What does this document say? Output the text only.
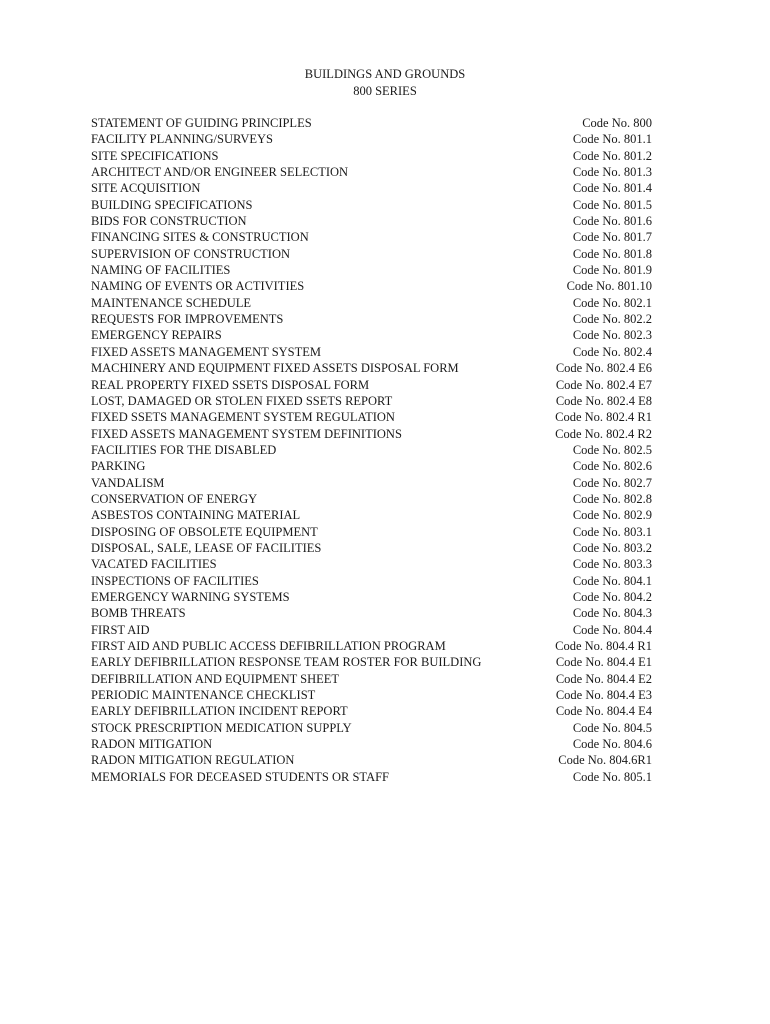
BUILDINGS AND GROUNDS
800 SERIES
STATEMENT OF GUIDING PRINCIPLES	Code No. 800
FACILITY PLANNING/SURVEYS	Code No. 801.1
SITE SPECIFICATIONS	Code No. 801.2
ARCHITECT AND/OR ENGINEER SELECTION	Code No. 801.3
SITE ACQUISITION	Code No. 801.4
BUILDING SPECIFICATIONS	Code No. 801.5
BIDS FOR CONSTRUCTION	Code No. 801.6
FINANCING SITES & CONSTRUCTION	Code No. 801.7
SUPERVISION OF CONSTRUCTION	Code No. 801.8
NAMING OF FACILITIES	Code No. 801.9
NAMING OF EVENTS OR ACTIVITIES	Code No. 801.10
MAINTENANCE SCHEDULE	Code No. 802.1
REQUESTS FOR IMPROVEMENTS	Code No. 802.2
EMERGENCY REPAIRS	Code No. 802.3
FIXED ASSETS MANAGEMENT SYSTEM	Code No. 802.4
MACHINERY AND EQUIPMENT FIXED ASSETS DISPOSAL FORM	Code No. 802.4 E6
REAL PROPERTY FIXED SSETS DISPOSAL FORM	Code No. 802.4 E7
LOST, DAMAGED OR STOLEN FIXED SSETS REPORT	Code No. 802.4 E8
FIXED SSETS MANAGEMENT SYSTEM REGULATION	Code No. 802.4 R1
FIXED ASSETS MANAGEMENT SYSTEM DEFINITIONS	Code No. 802.4 R2
FACILITIES FOR THE DISABLED	Code No. 802.5
PARKING	Code No. 802.6
VANDALISM	Code No. 802.7
CONSERVATION OF ENERGY	Code No. 802.8
ASBESTOS CONTAINING MATERIAL	Code No. 802.9
DISPOSING OF OBSOLETE EQUIPMENT	Code No. 803.1
DISPOSAL, SALE, LEASE OF FACILITIES	Code No. 803.2
VACATED FACILITIES	Code No. 803.3
INSPECTIONS OF FACILITIES	Code No. 804.1
EMERGENCY WARNING SYSTEMS	Code No. 804.2
BOMB THREATS	Code No. 804.3
FIRST AID	Code No. 804.4
FIRST AID AND PUBLIC ACCESS DEFIBRILLATION PROGRAM	Code No. 804.4 R1
EARLY DEFIBRILLATION RESPONSE TEAM ROSTER FOR BUILDING	Code No. 804.4 E1
DEFIBRILLATION AND EQUIPMENT SHEET	Code No. 804.4 E2
PERIODIC MAINTENANCE CHECKLIST	Code No. 804.4 E3
EARLY DEFIBRILLATION INCIDENT REPORT	Code No. 804.4 E4
STOCK PRESCRIPTION MEDICATION SUPPLY	Code No. 804.5
RADON MITIGATION	Code No. 804.6
RADON MITIGATION REGULATION	Code No. 804.6R1
MEMORIALS FOR DECEASED STUDENTS OR STAFF	Code No. 805.1
